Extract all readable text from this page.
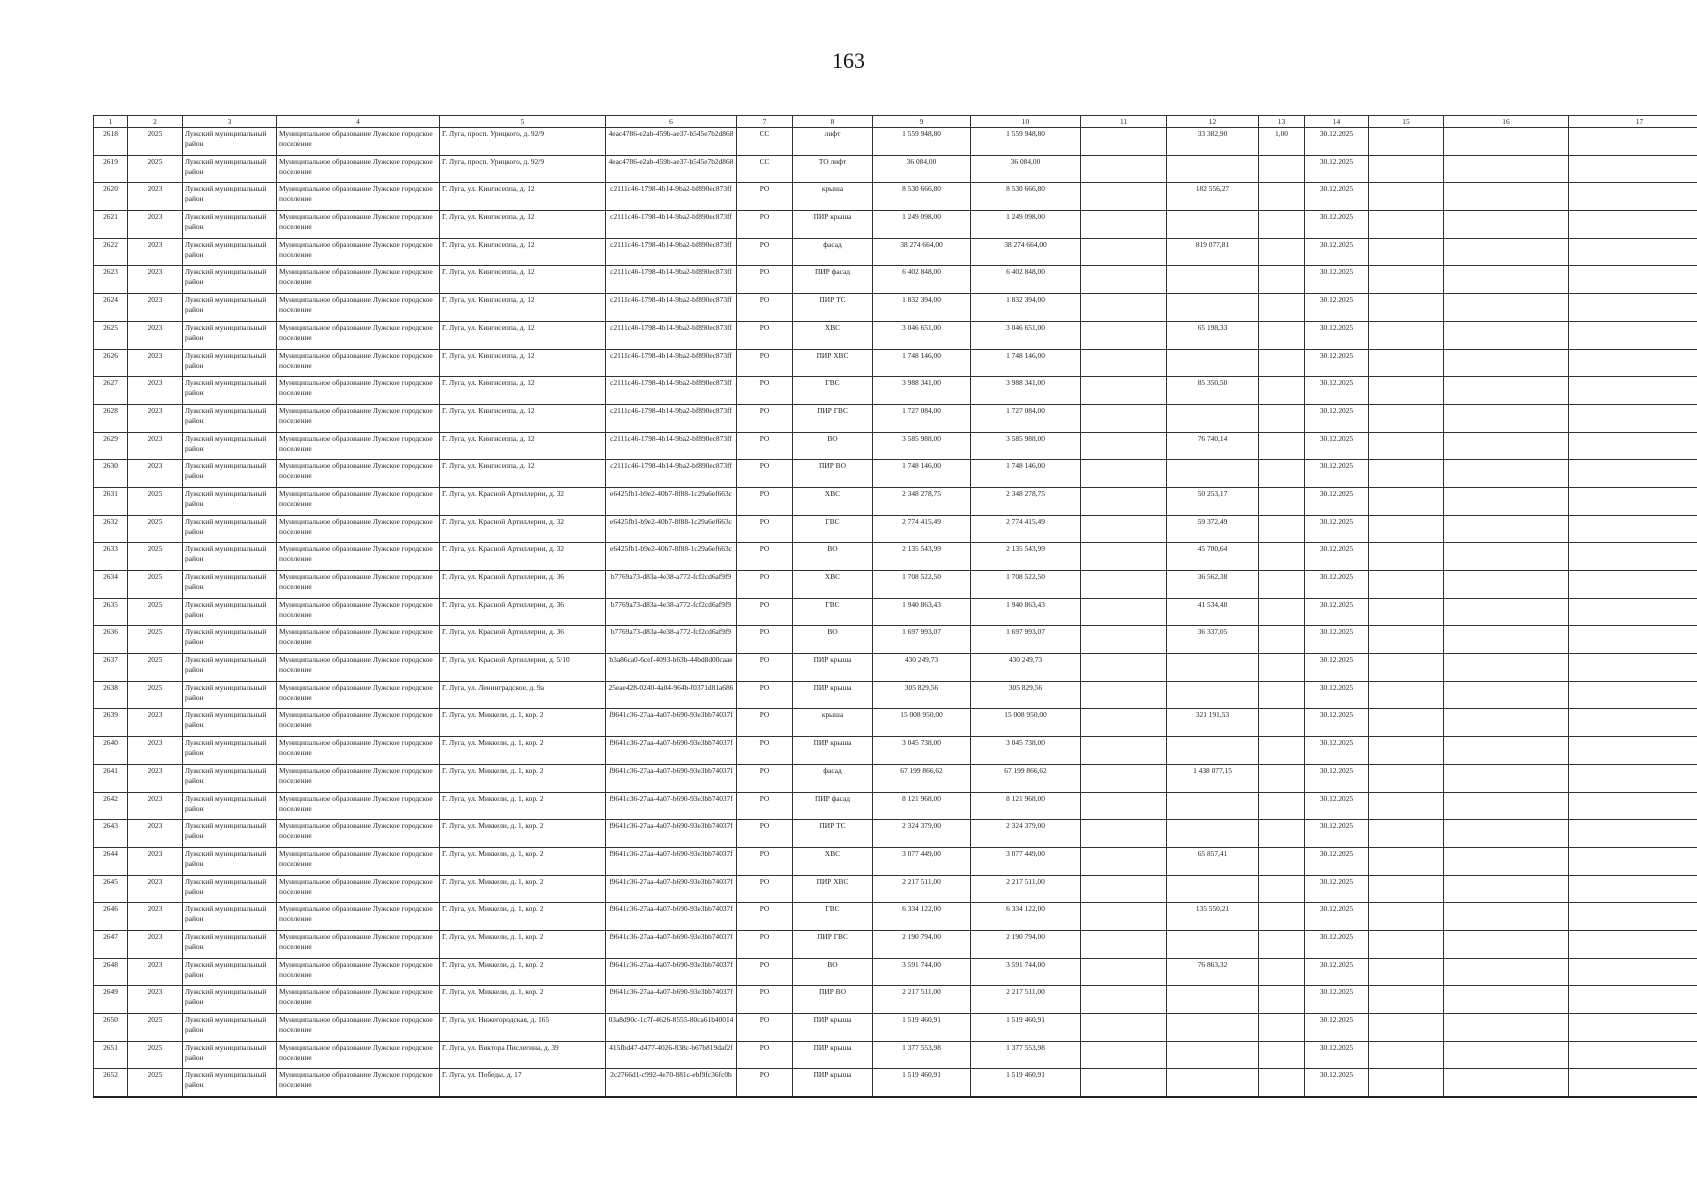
163
1	2	3	4	5	6	7	8	9	10	11	12	13	14	15	16	17
2618	2025	Лужский муниципальный район	Муниципальное образование Лужское городское поселение	Г. Луга, просп. Урицкого, д. 92/9	4eac4786-e2ab-459b-ae37-b545e7b2d868	СС	лифт	1 559 948,80	1 559 948,80		33 382,90	1,00	30.12.2025			
2619	2025	Лужский муниципальный район	Муниципальное образование Лужское городское поселение	Г. Луга, просп. Урицкого, д. 92/9	4eac4786-e2ab-459b-ae37-b545e7b2d868	СС	ТО лифт	36 084,00	36 084,00				30.12.2025			
2620	2023	Лужский муниципальный район	Муниципальное образование Лужское городское поселение	Г. Луга, ул. Кингисеппа, д. 12	c2111c46-1798-4b14-9ba2-bf890ec873ff	РО	крыша	8 530 666,80	8 530 666,80		182 556,27		30.12.2025			
2621	2023	Лужский муниципальный район	Муниципальное образование Лужское городское поселение	Г. Луга, ул. Кингисеппа, д. 12	c2111c46-1798-4b14-9ba2-bf890ec873ff	РО	ПИР крыша	1 249 098,00	1 249 098,00				30.12.2025			
2622	2023	Лужский муниципальный район	Муниципальное образование Лужское городское поселение	Г. Луга, ул. Кингисеппа, д. 12	c2111c46-1798-4b14-9ba2-bf890ec873ff	РО	фасад	38 274 664,00	38 274 664,00		819 077,81		30.12.2025			
2623	2023	Лужский муниципальный район	Муниципальное образование Лужское городское поселение	Г. Луга, ул. Кингисеппа, д. 12	c2111c46-1798-4b14-9ba2-bf890ec873ff	РО	ПИР фасад	6 402 848,00	6 402 848,00				30.12.2025			
2624	2023	Лужский муниципальный район	Муниципальное образование Лужское городское поселение	Г. Луга, ул. Кингисеппа, д. 12	c2111c46-1798-4b14-9ba2-bf890ec873ff	РО	ПИР ТС	1 832 394,00	1 832 394,00				30.12.2025			
2625	2023	Лужский муниципальный район	Муниципальное образование Лужское городское поселение	Г. Луга, ул. Кингисеппа, д. 12	c2111c46-1798-4b14-9ba2-bf890ec873ff	РО	ХВС	3 046 651,00	3 046 651,00		65 198,33		30.12.2025			
2626	2023	Лужский муниципальный район	Муниципальное образование Лужское городское поселение	Г. Луга, ул. Кингисеппа, д. 12	c2111c46-1798-4b14-9ba2-bf890ec873ff	РО	ПИР ХВС	1 748 146,00	1 748 146,00				30.12.2025			
2627	2023	Лужский муниципальный район	Муниципальное образование Лужское городское поселение	Г. Луга, ул. Кингисеппа, д. 12	c2111c46-1798-4b14-9ba2-bf890ec873ff	РО	ГВС	3 988 341,00	3 988 341,00		85 350,50		30.12.2025			
2628	2023	Лужский муниципальный район	Муниципальное образование Лужское городское поселение	Г. Луга, ул. Кингисеппа, д. 12	c2111c46-1798-4b14-9ba2-bf890ec873ff	РО	ПИР ГВС	1 727 084,00	1 727 084,00				30.12.2025			
2629	2023	Лужский муниципальный район	Муниципальное образование Лужское городское поселение	Г. Луга, ул. Кингисеппа, д. 12	c2111c46-1798-4b14-9ba2-bf890ec873ff	РО	ВО	3 585 988,00	3 585 988,00		76 740,14		30.12.2025			
2630	2023	Лужский муниципальный район	Муниципальное образование Лужское городское поселение	Г. Луга, ул. Кингисеппа, д. 12	c2111c46-1798-4b14-9ba2-bf890ec873ff	РО	ПИР ВО	1 748 146,00	1 748 146,00				30.12.2025			
2631	2025	Лужский муниципальный район	Муниципальное образование Лужское городское поселение	Г. Луга, ул. Красной Артиллерии, д. 32	e6425fb1-b9e2-40b7-8f88-1c29a6ef663c	РО	ХВС	2 348 278,75	2 348 278,75		50 253,17		30.12.2025			
2632	2025	Лужский муниципальный район	Муниципальное образование Лужское городское поселение	Г. Луга, ул. Красной Артиллерии, д. 32	e6425fb1-b9e2-40b7-8f88-1c29a6ef663c	РО	ГВС	2 774 415,49	2 774 415,49		59 372,49		30.12.2025			
2633	2025	Лужский муниципальный район	Муниципальное образование Лужское городское поселение	Г. Луга, ул. Красной Артиллерии, д. 32	e6425fb1-b9e2-40b7-8f88-1c29a6ef663c	РО	ВО	2 135 543,99	2 135 543,99		45 700,64		30.12.2025			
2634	2025	Лужский муниципальный район	Муниципальное образование Лужское городское поселение	Г. Луга, ул. Красной Артиллерии, д. 36	b7769a73-d83a-4e38-a772-fcf2cd6af9f9	РО	ХВС	1 708 522,50	1 708 522,50		36 562,38		30.12.2025			
2635	2025	Лужский муниципальный район	Муниципальное образование Лужское городское поселение	Г. Луга, ул. Красной Артиллерии, д. 36	b7769a73-d83a-4e38-a772-fcf2cd6af9f9	РО	ГВС	1 940 863,43	1 940 863,43		41 534,48		30.12.2025			
2636	2025	Лужский муниципальный район	Муниципальное образование Лужское городское поселение	Г. Луга, ул. Красной Артиллерии, д. 36	b7769a73-d83a-4e38-a772-fcf2cd6af9f9	РО	ВО	1 697 993,07	1 697 993,07		36 337,05		30.12.2025			
2637	2025	Лужский муниципальный район	Муниципальное образование Лужское городское поселение	Г. Луга, ул. Красной Артиллерии, д. 5/10	b3a86ca0-6cef-4093-b63b-44bd8d00caae	РО	ПИР крыша	430 249,73	430 249,73				30.12.2025			
2638	2025	Лужский муниципальный район	Муниципальное образование Лужское городское поселение	Г. Луга, ул. Ленинградское, д. 9а	25eae428-0240-4a04-964b-f0371d81a686	РО	ПИР крыша	305 829,56	305 829,56				30.12.2025			
2639	2023	Лужский муниципальный район	Муниципальное образование Лужское городское поселение	Г. Луга, ул. Миккели, д. 1, кор. 2	f9641c36-27aa-4a07-b690-93e3bb74037f	РО	крыша	15 008 950,00	15 008 950,00		321 191,53		30.12.2025			
2640	2023	Лужский муниципальный район	Муниципальное образование Лужское городское поселение	Г. Луга, ул. Миккели, д. 1, кор. 2	f9641c36-27aa-4a07-b690-93e3bb74037f	РО	ПИР крыша	3 045 738,00	3 045 738,00				30.12.2025			
2641	2023	Лужский муниципальный район	Муниципальное образование Лужское городское поселение	Г. Луга, ул. Миккели, д. 1, кор. 2	f9641c36-27aa-4a07-b690-93e3bb74037f	РО	фасад	67 199 866,62	67 199 866,62		1 438 077,15		30.12.2025			
2642	2023	Лужский муниципальный район	Муниципальное образование Лужское городское поселение	Г. Луга, ул. Миккели, д. 1, кор. 2	f9641c36-27aa-4a07-b690-93e3bb74037f	РО	ПИР фасад	8 121 968,00	8 121 968,00				30.12.2025			
2643	2023	Лужский муниципальный район	Муниципальное образование Лужское городское поселение	Г. Луга, ул. Миккели, д. 1, кор. 2	f9641c36-27aa-4a07-b690-93e3bb74037f	РО	ПИР ТС	2 324 379,00	2 324 379,00				30.12.2025			
2644	2023	Лужский муниципальный район	Муниципальное образование Лужское городское поселение	Г. Луга, ул. Миккели, д. 1, кор. 2	f9641c36-27aa-4a07-b690-93e3bb74037f	РО	ХВС	3 077 449,00	3 077 449,00		65 857,41		30.12.2025			
2645	2023	Лужский муниципальный район	Муниципальное образование Лужское городское поселение	Г. Луга, ул. Миккели, д. 1, кор. 2	f9641c36-27aa-4a07-b690-93e3bb74037f	РО	ПИР ХВС	2 217 511,00	2 217 511,00				30.12.2025			
2646	2023	Лужский муниципальный район	Муниципальное образование Лужское городское поселение	Г. Луга, ул. Миккели, д. 1, кор. 2	f9641c36-27aa-4a07-b690-93e3bb74037f	РО	ГВС	6 334 122,00	6 334 122,00		135 550,21		30.12.2025			
2647	2023	Лужский муниципальный район	Муниципальное образование Лужское городское поселение	Г. Луга, ул. Миккели, д. 1, кор. 2	f9641c36-27aa-4a07-b690-93e3bb74037f	РО	ПИР ГВС	2 190 794,00	2 190 794,00				30.12.2025			
2648	2023	Лужский муниципальный район	Муниципальное образование Лужское городское поселение	Г. Луга, ул. Миккели, д. 1, кор. 2	f9641c36-27aa-4a07-b690-93e3bb74037f	РО	ВО	3 591 744,00	3 591 744,00		76 863,32		30.12.2025			
2649	2023	Лужский муниципальный район	Муниципальное образование Лужское городское поселение	Г. Луга, ул. Миккели, д. 1, кор. 2	f9641c36-27aa-4a07-b690-93e3bb74037f	РО	ПИР ВО	2 217 511,00	2 217 511,00				30.12.2025			
2650	2025	Лужский муниципальный район	Муниципальное образование Лужское городское поселение	Г. Луга, ул. Нижегородская, д. 165	03a8d90c-1c7f-4626-8555-80ca61b40014	РО	ПИР крыша	1 519 460,91	1 519 460,91				30.12.2025			
2651	2025	Лужский муниципальный район	Муниципальное образование Лужское городское поселение	Г. Луга, ул. Виктора Пислегина, д. 39	415fbd47-d477-4026-838c-b67b819daf2f	РО	ПИР крыша	1 377 553,98	1 377 553,98				30.12.2025			
2652	2025	Лужский муниципальный район	Муниципальное образование Лужское городское поселение	Г. Луга, ул. Победы, д. 17	2c2766d1-c992-4e70-881c-ebf9fc36fc0b	РО	ПИР крыша	1 519 460,91	1 519 460,91				30.12.2025			
